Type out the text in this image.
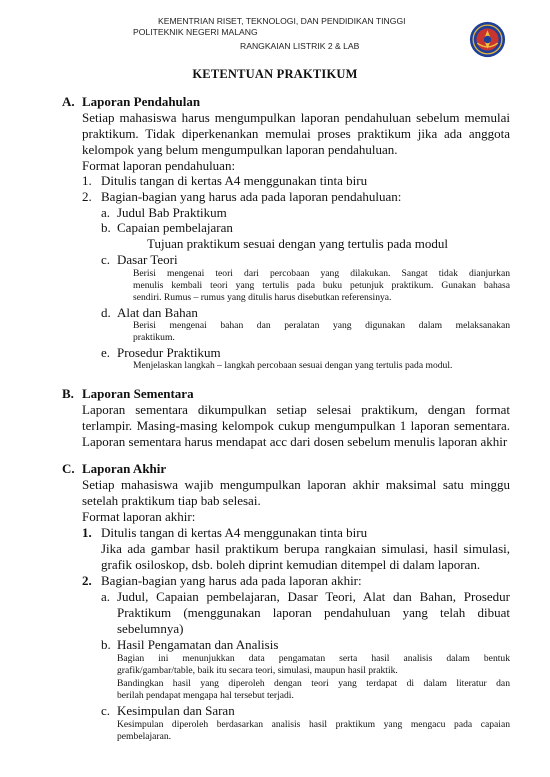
KEMENTRIAN RISET, TEKNOLOGI, DAN PENDIDIKAN TINGGI
POLITEKNIK NEGERI MALANG
RANGKAIAN LISTRIK 2 & LAB
KETENTUAN PRAKTIKUM
A. Laporan Pendahulan
Setiap mahasiswa harus mengumpulkan laporan pendahuluan sebelum memulai
praktikum. Tidak diperkenankan memulai proses praktikum jika ada anggota
kelompok yang belum mengumpulkan laporan pendahuluan.
Format laporan pendahuluan:
1. Ditulis tangan di kertas A4 menggunakan tinta biru
2. Bagian-bagian yang harus ada pada laporan pendahuluan:
a. Judul Bab Praktikum
b. Capaian pembelajaran
Tujuan praktikum sesuai dengan yang tertulis pada modul
c. Dasar Teori
Berisi mengenai teori dari percobaan yang dilakukan. Sangat tidak dianjurkan
menulis kembali teori yang tertulis pada buku petunjuk praktikum. Gunakan bahasa
sendiri. Rumus – rumus yang ditulis harus disebutkan referensinya.
d. Alat dan Bahan
Berisi mengenai bahan dan peralatan yang digunakan dalam melaksanakan
praktikum.
e. Prosedur Praktikum
Menjelaskan langkah – langkah percobaan sesuai dengan yang tertulis pada modul.
B. Laporan Sementara
Laporan sementara dikumpulkan setiap selesai praktikum, dengan format
terlampir. Masing-masing kelompok cukup mengumpulkan 1 laporan sementara.
Laporan sementara harus mendapat acc dari dosen sebelum menulis laporan akhir
C. Laporan Akhir
Setiap mahasiswa wajib mengumpulkan laporan akhir maksimal satu minggu
setelah praktikum tiap bab selesai.
Format laporan akhir:
1. Ditulis tangan di kertas A4 menggunakan tinta biru
Jika ada gambar hasil praktikum berupa rangkaian simulasi, hasil simulasi,
grafik osiloskop, dsb. boleh diprint kemudian ditempel di dalam laporan.
2. Bagian-bagian yang harus ada pada laporan akhir:
a. Judul, Capaian pembelajaran, Dasar Teori, Alat dan Bahan, Prosedur
Praktikum (menggunakan laporan pendahuluan yang telah dibuat
sebelumnya)
b. Hasil Pengamatan dan Analisis
Bagian ini menunjukkan data pengamatan serta hasil analisis dalam bentuk
grafik/gambar/table, baik itu secara teori, simulasi, maupun hasil praktik.
Bandingkan hasil yang diperoleh dengan teori yang terdapat di dalam literatur dan
berilah pendapat mengapa hal tersebut terjadi.
c. Kesimpulan dan Saran
Kesimpulan diperoleh berdasarkan analisis hasil praktikum yang mengacu pada capaian
pembelajaran.
